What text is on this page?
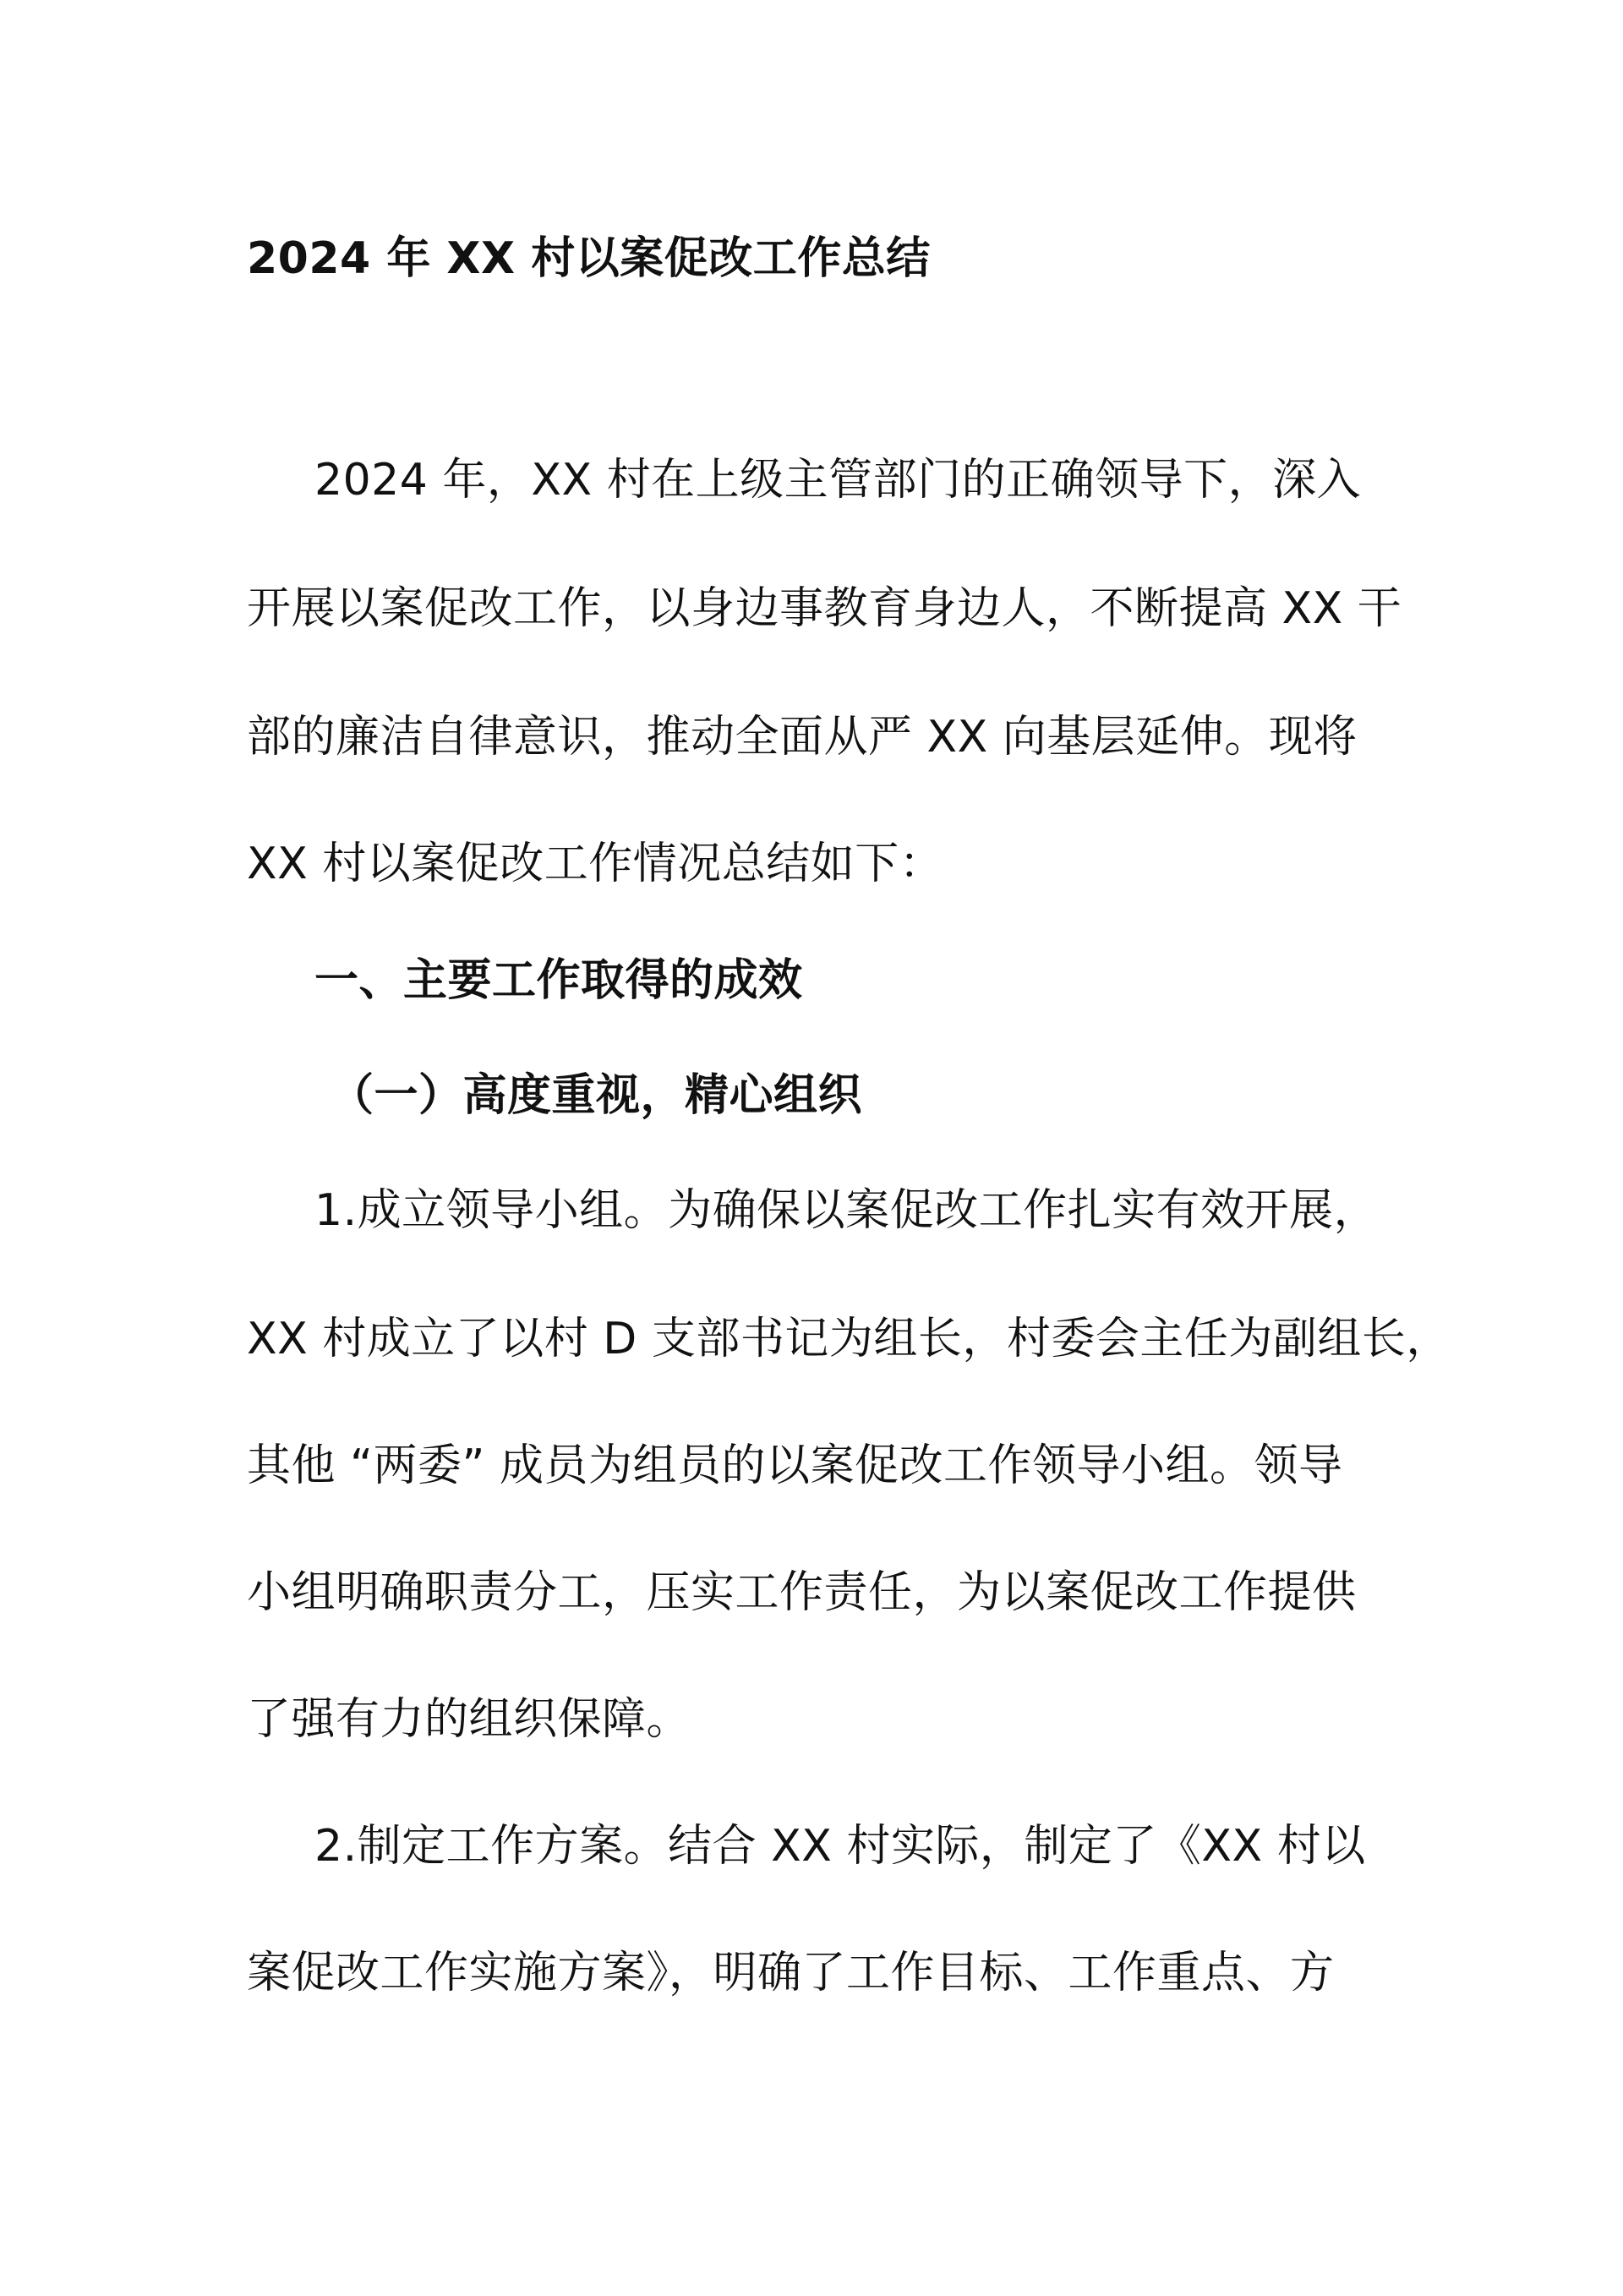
2024 年 XX 村以案促改工作总结
2024 年，XX 村在上级主管部门的正确领导下，深入
开展以案促改工作，以身边事教育身边人，不断提高 XX 干
部的廉洁自律意识，推动全面从严 XX 向基层延伸。现将
XX 村以案促改工作情况总结如下：
一、主要工作取得的成效
（一）高度重视，精心组织
1.成立领导小组。为确保以案促改工作扎实有效开展，
XX 村成立了以村 D 支部书记为组长，村委会主任为副组长，
其他 “两委” 成员为组员的以案促改工作领导小组。领导
小组明确职责分工，压实工作责任，为以案促改工作提供
了强有力的组织保障。
2.制定工作方案。结合 XX 村实际，制定了《XX 村以
案促改工作实施方案》，明确了工作目标、工作重点、方
